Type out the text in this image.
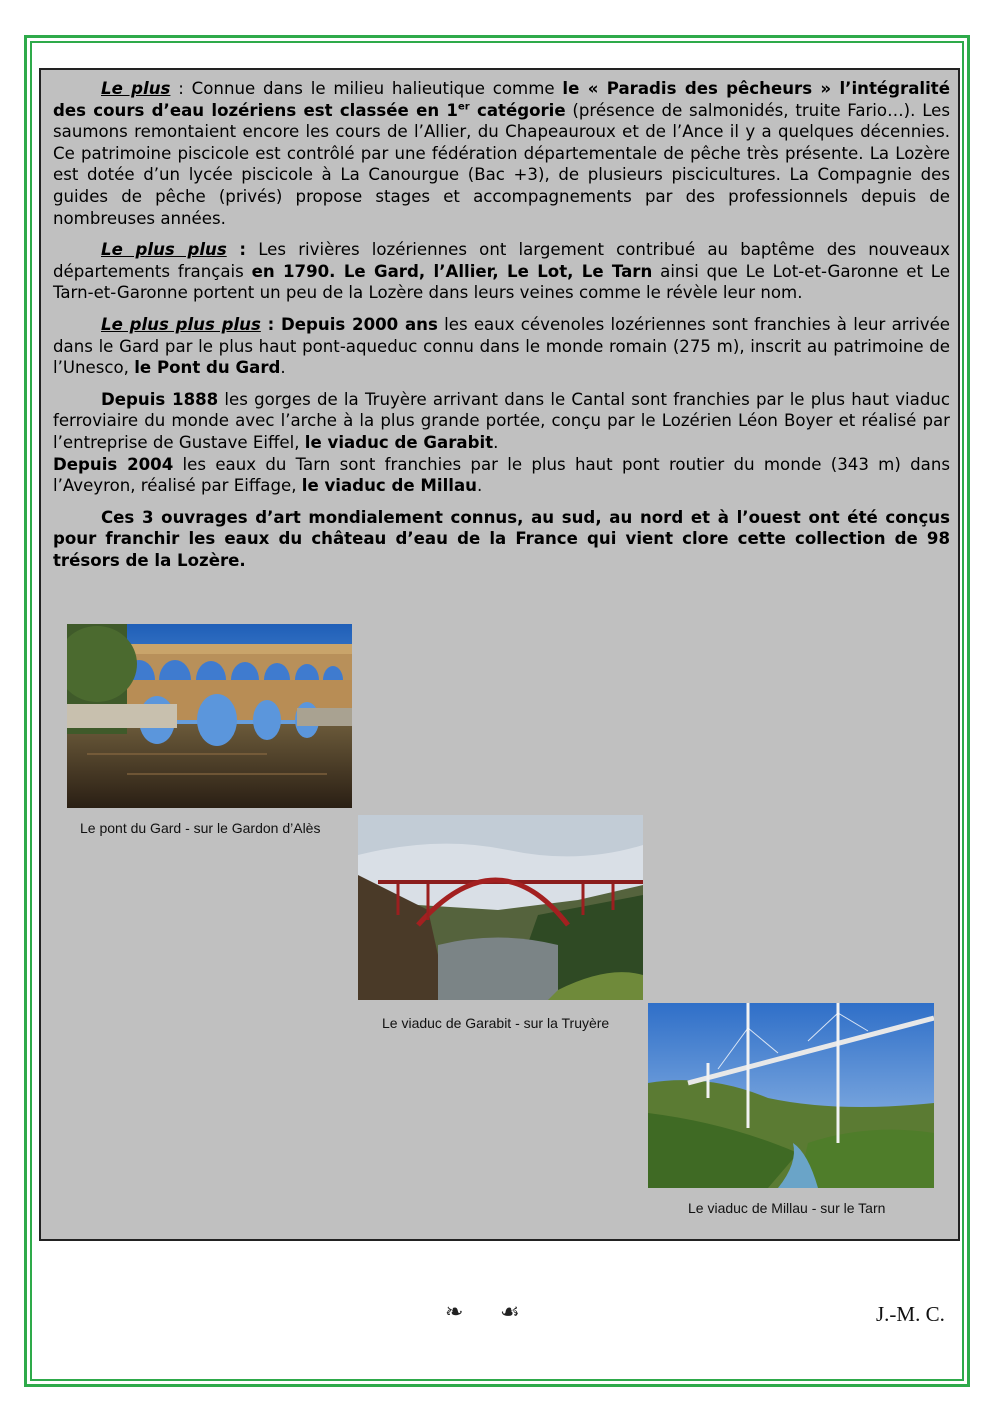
Le plus : Connue dans le milieu halieutique comme le « Paradis des pêcheurs » l’intégralité des cours d’eau lozériens est classée en 1er catégorie (présence de salmonidés, truite Fario…). Les saumons remontaient encore les cours de l’Allier, du Chapeauroux et de l’Ance il y a quelques décennies. Ce patrimoine piscicole est contrôlé par une fédération départementale de pêche très présente. La Lozère est dotée d’un lycée piscicole à La Canourgue (Bac +3), de plusieurs piscicultures. La Compagnie des guides de pêche (privés) propose stages et accompagnements par des professionnels depuis de nombreuses années.

Le plus plus : Les rivières lozériennes ont largement contribué au baptême des nouveaux départements français en 1790. Le Gard, l’Allier, Le Lot, Le Tarn ainsi que Le Lot-et-Garonne et Le Tarn-et-Garonne portent un peu de la Lozère dans leurs veines comme le révèle leur nom.

Le plus plus plus : Depuis 2000 ans les eaux cévenoles lozériennes sont franchies à leur arrivée dans le Gard par le plus haut pont-aqueduc connu dans le monde romain (275 m), inscrit au patrimoine de l’Unesco, le Pont du Gard.

Depuis 1888 les gorges de la Truyère arrivant dans le Cantal sont franchies par le plus haut viaduc ferroviaire du monde avec l’arche à la plus grande portée, conçu par le Lozérien Léon Boyer et réalisé par l’entreprise de Gustave Eiffel, le viaduc de Garabit.

Depuis 2004 les eaux du Tarn sont franchies par le plus haut pont routier du monde (343 m) dans l’Aveyron, réalisé par Eiffage, le viaduc de Millau.

Ces 3 ouvrages d’art mondialement connus, au sud, au nord et à l’ouest ont été conçus pour franchir les eaux du château d’eau de la France qui vient clore cette collection de 98 trésors de la Lozère.

Le pont du Gard - sur le Gardon d’Alès
Le viaduc de Garabit - sur la Truyère
Le viaduc de Millau - sur le Tarn
❧ ☙	J.-M. C.
